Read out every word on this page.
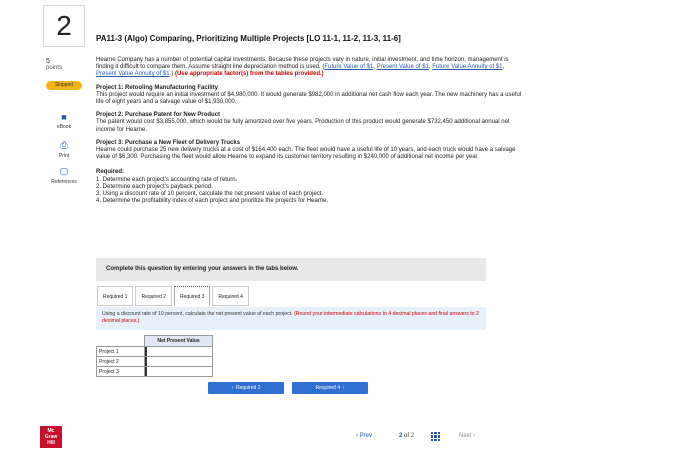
2
5
points
Skipped
■
eBook
⎙
Print
▢
References
PA11-3 (Algo) Comparing, Prioritizing Multiple Projects [LO 11-1, 11-2, 11-3, 11-6]

Hearne Company has a number of potential capital investments. Because these projects vary in nature, initial investment, and time horizon, management is finding it difficult to compare them. Assume straight line depreciation method is used. (Future Value of $1, Present Value of $1, Future Value Annuity of $1, Present Value Annuity of $1.) (Use appropriate factor(s) from the tables provided.)

Project 1: Retooling Manufacturing Facility
This project would require an initial investment of $4,980,000. It would generate $982,000 in additional net cash flow each year. The new machinery has a useful life of eight years and a salvage value of $1,930,000.

Project 2: Purchase Patent for New Product
The patent would cost $3,855,000, which would be fully amortized over five years. Production of this product would generate $732,450 additional annual net income for Hearne.

Project 3: Purchase a New Fleet of Delivery Trucks
Hearne could purchase 25 new delivery trucks at a cost of $164,400 each. The fleet would have a useful life of 10 years, and each truck would have a salvage value of $6,300. Purchasing the fleet would allow Hearne to expand its customer territory resulting in $240,000 of additional net income per year.

Required:
1. Determine each project's accounting rate of return.
2. Determine each project's payback period.
3. Using a discount rate of 10 percent, calculate the net present value of each project.
4. Determine the profitability index of each project and prioritize the projects for Hearne.

Complete this question by entering your answers in the tabs below.
Required 1	Required 2	Required 3	Required 4
Using a discount rate of 10 percent, calculate the net present value of each project. (Round your intermediate calculations to 4 decimal places and final answers to 2 decimal places.)
	Net Present Value
Project 1	
Project 2	
Project 3	
‹ Required 2	Required 4 ›
Mc
Graw
Hill
‹ Prev	2 of 2	Next ›
